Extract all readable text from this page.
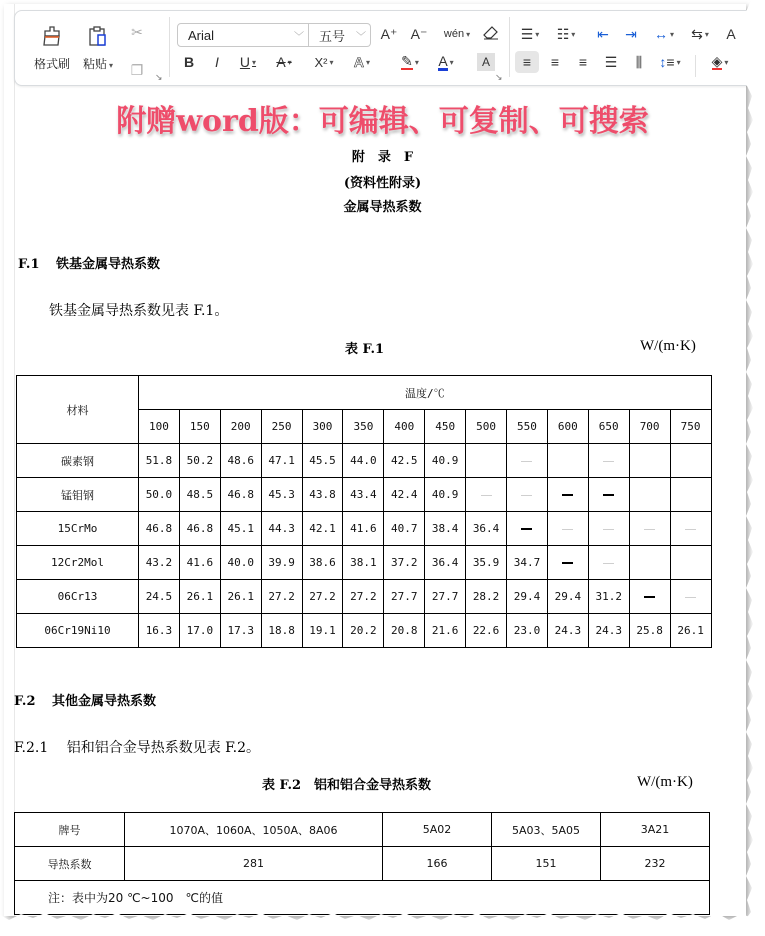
格式刷 粘贴 ▾
✂
❐
↘
Arial	﹀	五号	﹀ A⁺ A⁻ wén ▾	☰ ▾ ☷ ▾ ⇤ ⇥ ↔ ▾ ⇆ ▾ A
B I U ▾ A ▾ X² ▾ A ▾ ✎ ▾ A ▾ A
↘
≡ ≡ ≡ ☰ ⫼ ↕≡ ▾ ◈ ▾
附赠word版：可编辑、可复制、可搜索
附　录　F
(资料性附录)
金属导热系数
F.1 铁基金属导热系数
铁基金属导热系数见表 F.1。
表 F.1	W/(m·K)
材料	温度/℃													
	100	150	200	250	300	350	400	450	500	550	600	650	700	750
碳素钢	51.8	50.2	48.6	47.1	45.5	44.0	42.5	40.9						
锰钼钢	50.0	48.5	46.8	45.3	43.8	43.4	42.4	40.9						
15CrMo	46.8	46.8	45.1	44.3	42.1	41.6	40.7	38.4	36.4					
12Cr2Mol	43.2	41.6	40.0	39.9	38.6	38.1	37.2	36.4	35.9	34.7				
06Cr13	24.5	26.1	26.1	27.2	27.2	27.2	27.7	27.7	28.2	29.4	29.4	31.2		
06Cr19Ni10	16.3	17.0	17.3	18.8	19.1	20.2	20.8	21.6	22.6	23.0	24.3	24.3	25.8	26.1
F.2 其他金属导热系数
F.2.1 铝和铝合金导热系数见表 F.2。
表 F.2　铝和铝合金导热系数	W/(m·K)
牌号	1070A、1060A、1050A、8A06	5A02	5A03、5A05	3A21
导热系数	281	166	151	232
注：表中为20 ℃~100　℃的值				
